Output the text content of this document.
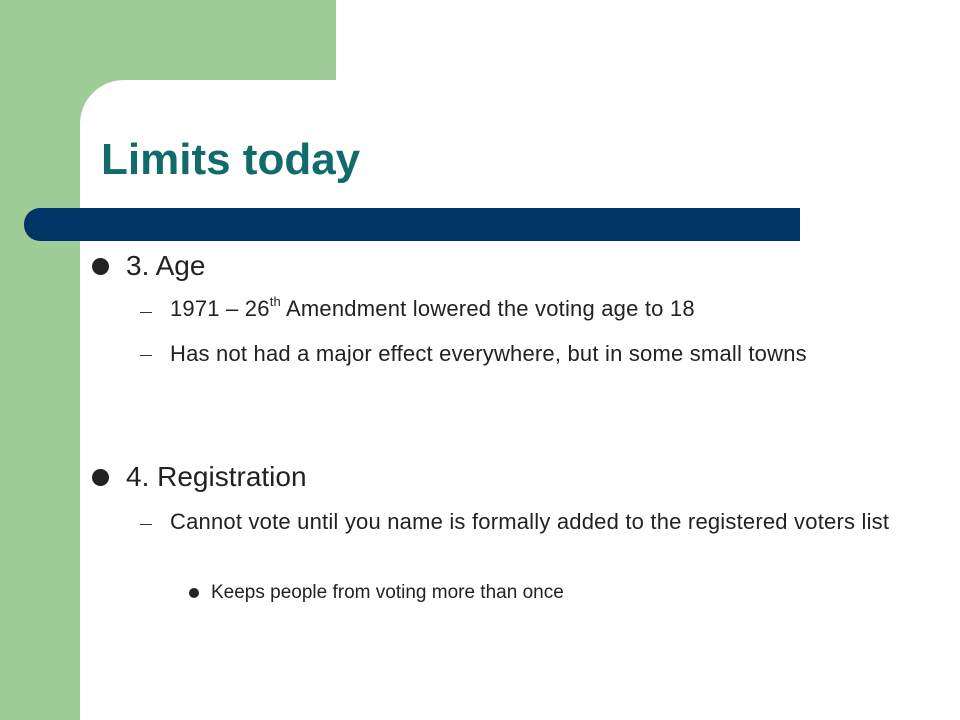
Limits today
3. Age
1971 – 26th Amendment lowered the voting age to 18
Has not had a major effect everywhere, but in some small towns
4. Registration
Cannot vote until you name is formally added to the registered voters list
Keeps people from voting more than once
